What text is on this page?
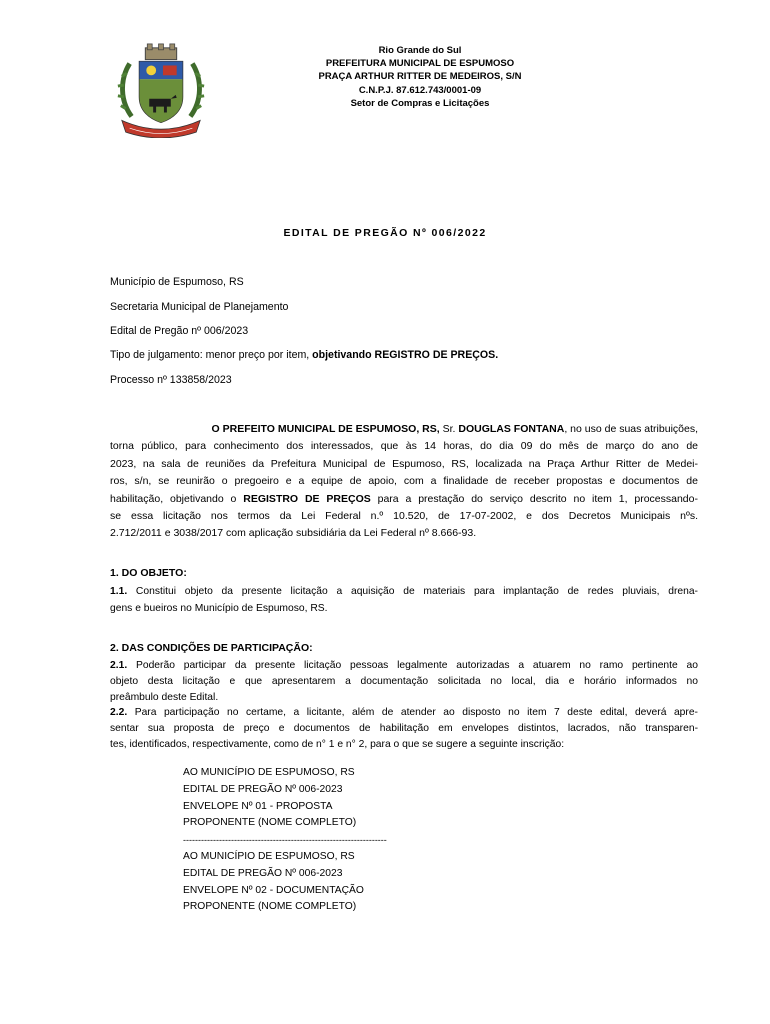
Rio Grande do Sul
PREFEITURA MUNICIPAL DE ESPUMOSO
PRAÇA ARTHUR RITTER DE MEDEIROS, S/N
C.N.P.J. 87.612.743/0001-09
Setor de Compras e Licitações
EDITAL DE PREGÃO Nº 006/2022
Município de Espumoso, RS
Secretaria Municipal de Planejamento
Edital de Pregão nº 006/2023
Tipo de julgamento: menor preço por item, objetivando REGISTRO DE PREÇOS.
Processo nº 133858/2023
O PREFEITO MUNICIPAL DE ESPUMOSO, RS, Sr. DOUGLAS FONTANA, no uso de suas atribuições,
torna público, para conhecimento dos interessados, que às 14 horas, do dia 09 do mês de março do ano de
2023, na sala de reuniões da Prefeitura Municipal de Espumoso, RS, localizada na Praça Arthur Ritter de Medei-
ros, s/n, se reunirão o pregoeiro e a equipe de apoio, com a finalidade de receber propostas e documentos de
habilitação, objetivando o REGISTRO DE PREÇOS para a prestação do serviço descrito no item 1, processando-
se essa licitação nos termos da Lei Federal n.º 10.520, de 17-07-2002, e dos Decretos Municipais nºs.
2.712/2011 e 3038/2017 com aplicação subsidiária da Lei Federal nº 8.666-93.
1. DO OBJETO:
1.1. Constitui objeto da presente licitação a aquisição de materiais para implantação de redes pluviais, drena-
gens e bueiros no Município de Espumoso, RS.
2. DAS CONDIÇÕES DE PARTICIPAÇÃO:
2.1. Poderão participar da presente licitação pessoas legalmente autorizadas a atuarem no ramo pertinente ao
objeto desta licitação e que apresentarem a documentação solicitada no local, dia e horário informados no
preâmbulo deste Edital.
2.2. Para participação no certame, a licitante, além de atender ao disposto no item 7 deste edital, deverá apre-
sentar sua proposta de preço e documentos de habilitação em envelopes distintos, lacrados, não transparen-
tes, identificados, respectivamente, como de n° 1 e n° 2, para o que se sugere a seguinte inscrição:
AO MUNICÍPIO DE ESPUMOSO, RS
EDITAL DE PREGÃO Nº 006-2023
ENVELOPE Nº 01 - PROPOSTA
PROPONENTE (NOME COMPLETO)
--------------------------------------------------------------------
AO MUNICÍPIO DE ESPUMOSO, RS
EDITAL DE PREGÃO Nº 006-2023
ENVELOPE Nº 02 - DOCUMENTAÇÃO
PROPONENTE (NOME COMPLETO)
